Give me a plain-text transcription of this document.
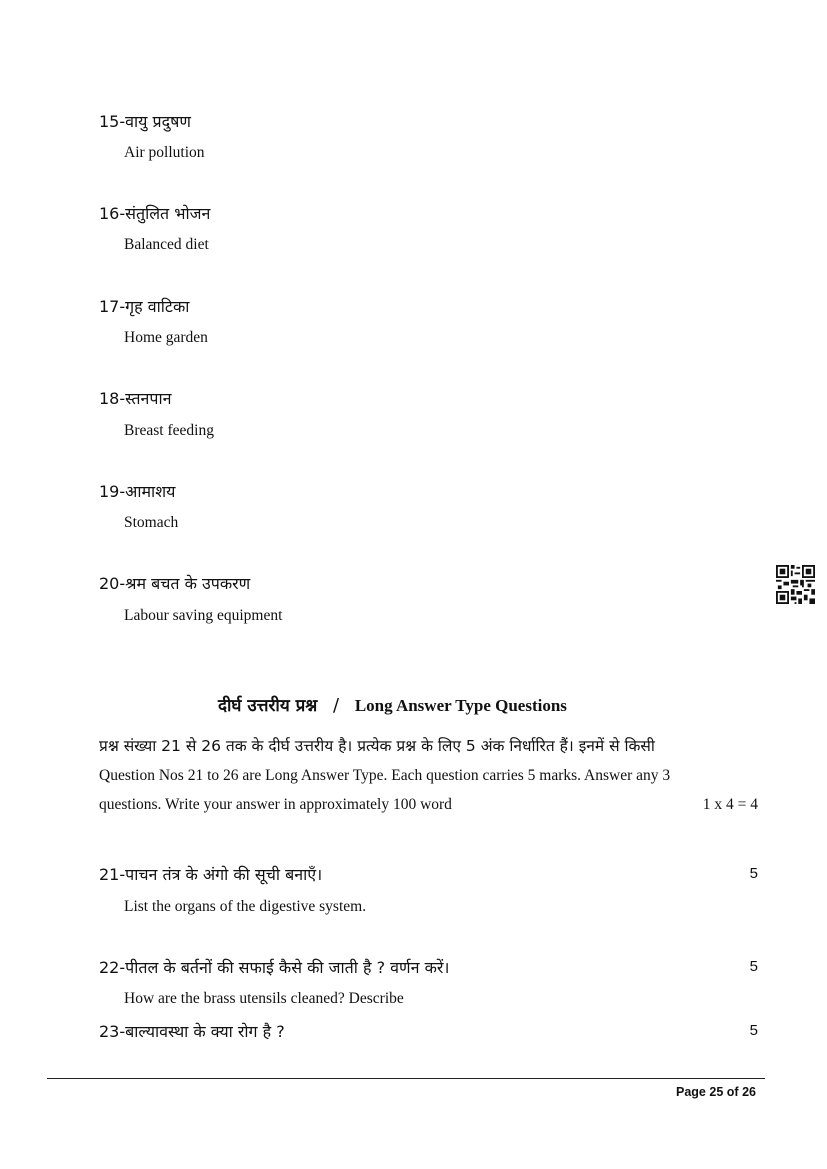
15-वायु प्रदुषण
Air pollution
16-संतुलित भोजन
Balanced diet
17-गृह वाटिका
Home garden
18-स्तनपान
Breast feeding
19-आमाशय
Stomach
20-श्रम बचत के उपकरण
Labour saving equipment
दीर्घ उत्तरीय प्रश्न / Long Answer Type Questions
प्रश्न संख्या 21 से 26 तक के दीर्घ उत्तरीय है। प्रत्येक प्रश्न के लिए 5 अंक निर्धारित हैं। इनमें से किसी
Question Nos 21 to 26 are Long Answer Type. Each question carries 5 marks. Answer any 3
questions. Write your answer in approximately 100 word	1 x 4 = 4
21-पाचन तंत्र के अंगो की सूची बनाएँ।	5
List the organs of the digestive system.
22-पीतल के बर्तनों की सफाई कैसे की जाती है ? वर्णन करें।	5
How are the brass utensils cleaned? Describe
23-बाल्यावस्था के क्या रोग है ?	5
Page 25 of 26
